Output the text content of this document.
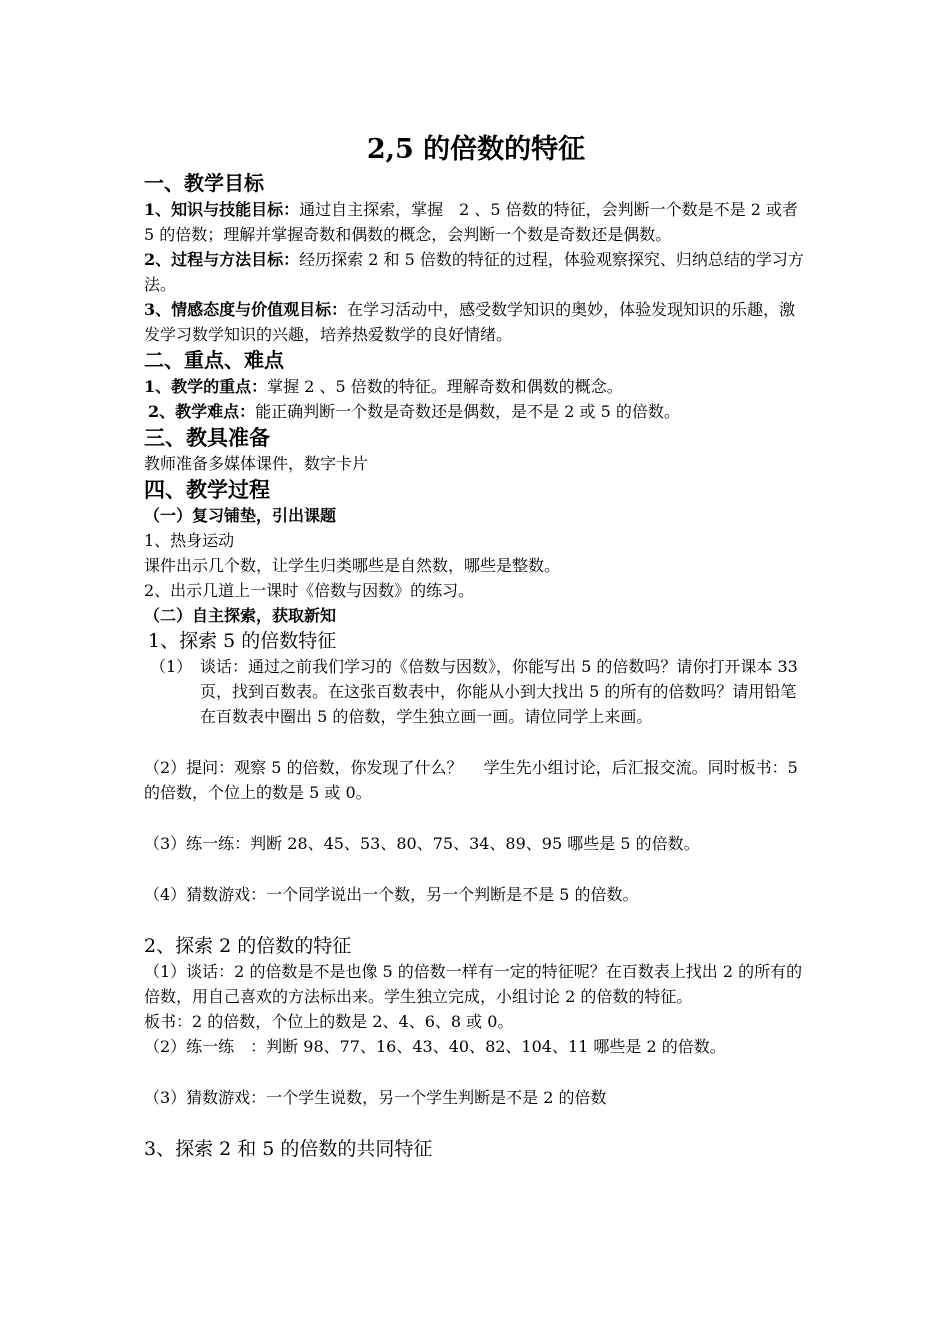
2,5 的倍数的特征
一、教学目标

1、知识与技能目标：通过自主探索，掌握　2 、5 倍数的特征，会判断一个数是不是 2 或者 5 的倍数；理解并掌握奇数和偶数的概念，会判断一个数是奇数还是偶数。

2、过程与方法目标：经历探索 2 和 5 倍数的特征的过程，体验观察探究、归纳总结的学习方法。

3、情感态度与价值观目标：在学习活动中，感受数学知识的奥妙，体验发现知识的乐趣，激发学习数学知识的兴趣，培养热爱数学的良好情绪。

二、重点、难点

1、教学的重点：掌握 2 、5 倍数的特征。理解奇数和偶数的概念。

2、教学难点：能正确判断一个数是奇数还是偶数，是不是 2 或 5 的倍数。

三、教具准备

教师准备多媒体课件，数字卡片

四、教学过程
（一）复习铺垫，引出课题

1、热身运动

课件出示几个数，让学生归类哪些是自然数，哪些是整数。

2、出示几道上一课时《倍数与因数》的练习。

（二）自主探索，获取新知
1、探索 5 的倍数特征

（1） 谈话：通过之前我们学习的《倍数与因数》，你能写出 5 的倍数吗？请你打开课本 33 页，找到百数表。在这张百数表中，你能从小到大找出 5 的所有的倍数吗？请用铅笔在百数表中圈出 5 的倍数，学生独立画一画。请位同学上来画。

（2）提问：观察 5 的倍数，你发现了什么？　 学生先小组讨论，后汇报交流。同时板书：5 的倍数，个位上的数是 5 或 0。

（3）练一练：判断 28、45、53、80、75、34、89、95 哪些是 5 的倍数。

（4）猜数游戏：一个同学说出一个数，另一个判断是不是 5 的倍数。

2、探索 2 的倍数的特征

（1）谈话：2 的倍数是不是也像 5 的倍数一样有一定的特征呢？在百数表上找出 2 的所有的倍数，用自己喜欢的方法标出来。学生独立完成，小组讨论 2 的倍数的特征。

板书：2 的倍数，个位上的数是 2、4、6、8 或 0。

（2）练一练　：判断 98、77、16、43、40、82、104、11 哪些是 2 的倍数。

（3）猜数游戏：一个学生说数，另一个学生判断是不是 2 的倍数

3、探索 2 和 5 的倍数的共同特征
